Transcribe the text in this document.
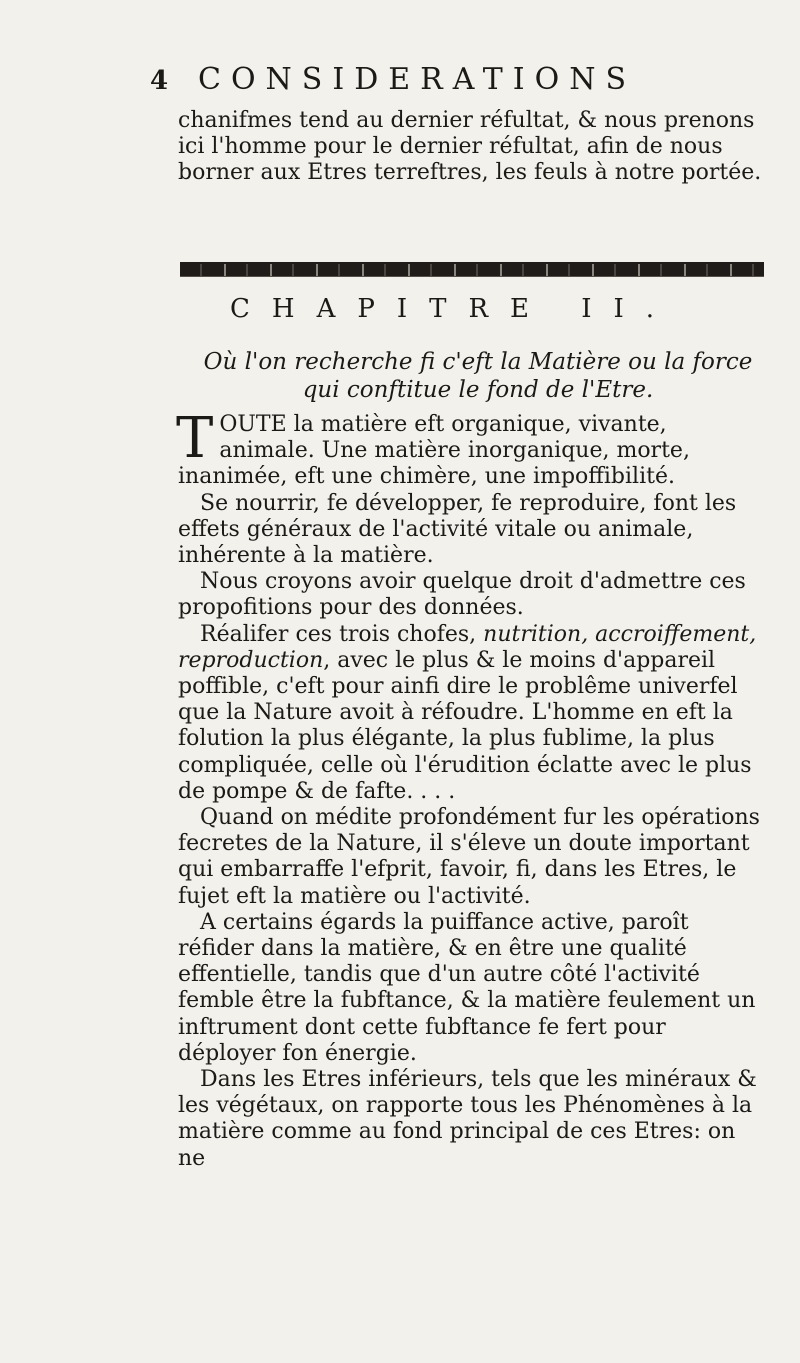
4 CONSIDERATIONS

chanifmes tend au dernier réfultat, & nous prenons ici l'homme pour le dernier réfultat, afin de nous borner aux Etres terreftres, les feuls à notre portée.

CHAPITRE II.

Où l'on recherche fi c'eft la Matière ou la force qui conftitue le fond de l'Etre.

TOUTE la matière eft organique, vivante, animale. Une matière inorganique, morte, inanimée, eft une chimère, une impoffibilité.

Se nourrir, fe développer, fe reproduire, font les effets généraux de l'activité vitale ou animale, inhérente à la matière.

Nous croyons avoir quelque droit d'admettre ces propofitions pour des données.

Réalifer ces trois chofes, nutrition, accroiffement, reproduction, avec le plus & le moins d'appareil poffible, c'eft pour ainfi dire le problême univerfel que la Nature avoit à réfoudre. L'homme en eft la folution la plus élégante, la plus fublime, la plus compliquée, celle où l'érudition éclatte avec le plus de pompe & de fafte. . . .

Quand on médite profondément fur les opérations fecretes de la Nature, il s'éleve un doute important qui embarraffe l'efprit, favoir, fi, dans les Etres, le fujet eft la matière ou l'activité.

A certains égards la puiffance active, paroît réfider dans la matière, & en être une qualité effentielle, tandis que d'un autre côté l'activité femble être la fubftance, & la matière feulement un inftrument dont cette fubftance fe fert pour déployer fon énergie.

Dans les Etres inférieurs, tels que les minéraux & les végétaux, on rapporte tous les Phénomènes à la matière comme au fond principal de ces Etres: on ne
